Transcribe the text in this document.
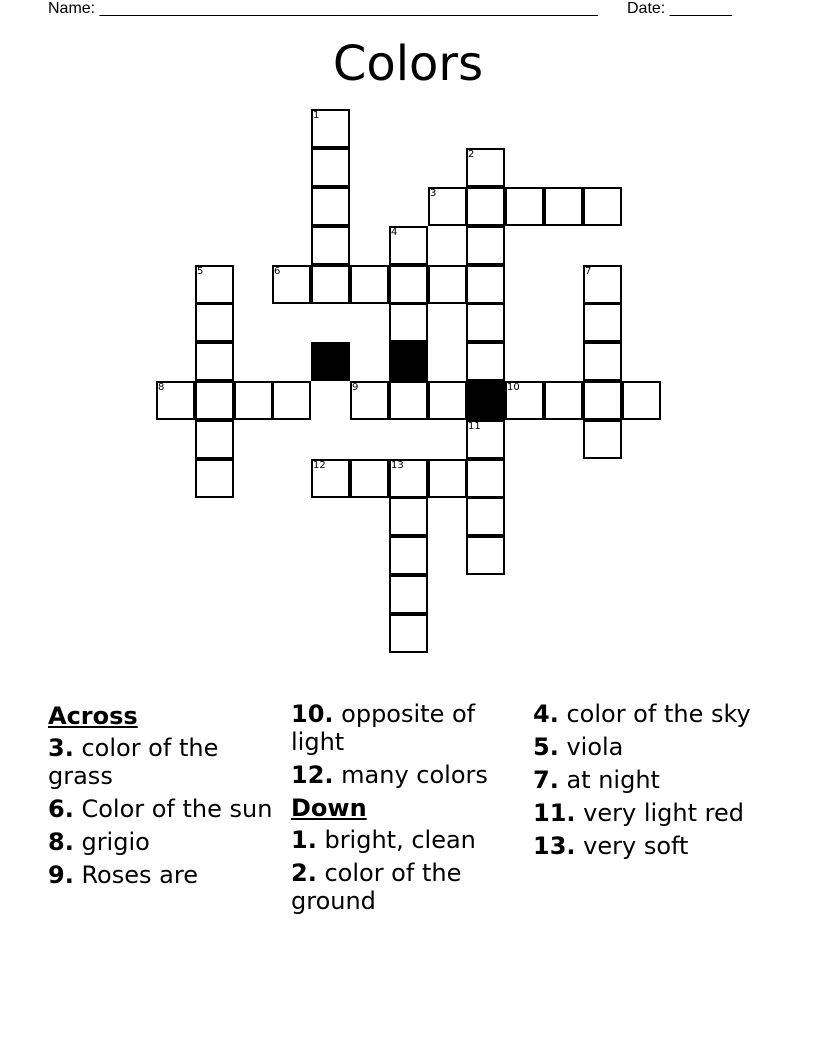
Name: ________________________________________________________ Date: _______
Colors
1
2
3
4
5	6	7
8	9	10
11
12	13
Across
3. color of the grass
6. Color of the sun
8. grigio
9. Roses are
10. opposite of light
12. many colors
Down
1. bright, clean
2. color of the ground
4. color of the sky
5. viola
7. at night
11. very light red
13. very soft
